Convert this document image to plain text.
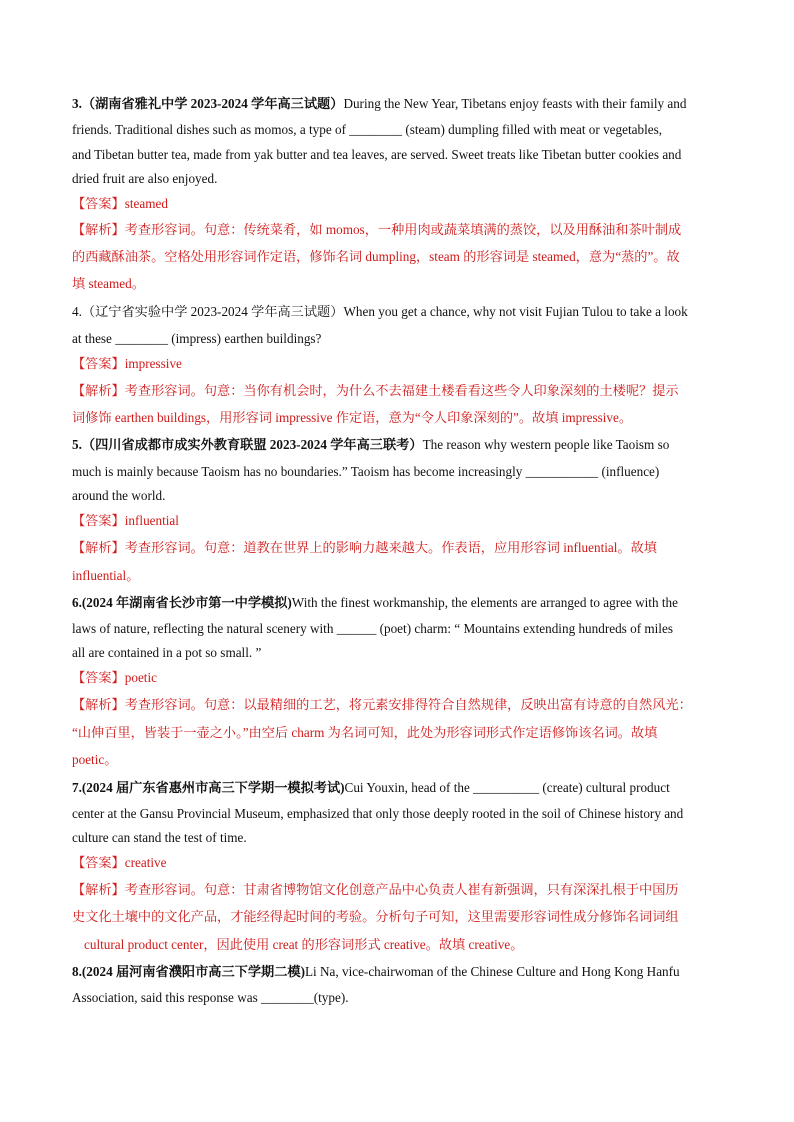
3.（湖南省雅礼中学 2023-2024 学年高三试题）During the New Year, Tibetans enjoy feasts with their family and
friends. Traditional dishes such as momos, a type of ________ (steam) dumpling filled with meat or vegetables,
and Tibetan butter tea, made from yak butter and tea leaves, are served. Sweet treats like Tibetan butter cookies and
dried fruit are also enjoyed.
【答案】steamed
【解析】考查形容词。句意：传统菜肴，如 momos，一种用肉或蔬菜填满的蒸饺，以及用酥油和茶叶制成
的西藏酥油茶。空格处用形容词作定语，修饰名词 dumpling，steam 的形容词是 steamed，意为“蒸的”。故
填 steamed。
4.（辽宁省实验中学 2023-2024 学年高三试题）When you get a chance, why not visit Fujian Tulou to take a look
at these ________ (impress) earthen buildings?
【答案】impressive
【解析】考查形容词。句意：当你有机会时，为什么不去福建土楼看看这些令人印象深刻的土楼呢？提示
词修饰 earthen buildings，用形容词 impressive 作定语，意为“令人印象深刻的”。故填 impressive。
5.（四川省成都市成实外教育联盟 2023-2024 学年高三联考）The reason why western people like Taoism so
much is mainly because Taoism has no boundaries.” Taoism has become increasingly ___________ (influence)
around the world.
【答案】influential
【解析】考查形容词。句意：道教在世界上的影响力越来越大。作表语，应用形容词 influential。故填
influential。
6.(2024 年湖南省长沙市第一中学模拟)With the finest workmanship, the elements are arranged to agree with the
laws of nature, reflecting the natural scenery with ______ (poet) charm: “ Mountains extending hundreds of miles
all are contained in a pot so small. ”
【答案】poetic
【解析】考查形容词。句意：以最精细的工艺，将元素安排得符合自然规律，反映出富有诗意的自然风光：
“山伸百里，皆装于一壶之小。”由空后 charm 为名词可知，此处为形容词形式作定语修饰该名词。故填
poetic。
7.(2024 届广东省惠州市高三下学期一模拟考试)Cui Youxin, head of the __________ (create) cultural product
center at the Gansu Provincial Museum, emphasized that only those deeply rooted in the soil of Chinese history and
culture can stand the test of time.
【答案】creative
【解析】考查形容词。句意：甘肃省博物馆文化创意产品中心负责人崔有新强调，只有深深扎根于中国历
史文化土壤中的文化产品，才能经得起时间的考验。分析句子可知，这里需要形容词性成分修饰名词词组
cultural product center，因此使用 creat 的形容词形式 creative。故填 creative。
8.(2024 届河南省濮阳市高三下学期二模)Li Na, vice-chairwoman of the Chinese Culture and Hong Kong Hanfu
Association, said this response was ________(type).
